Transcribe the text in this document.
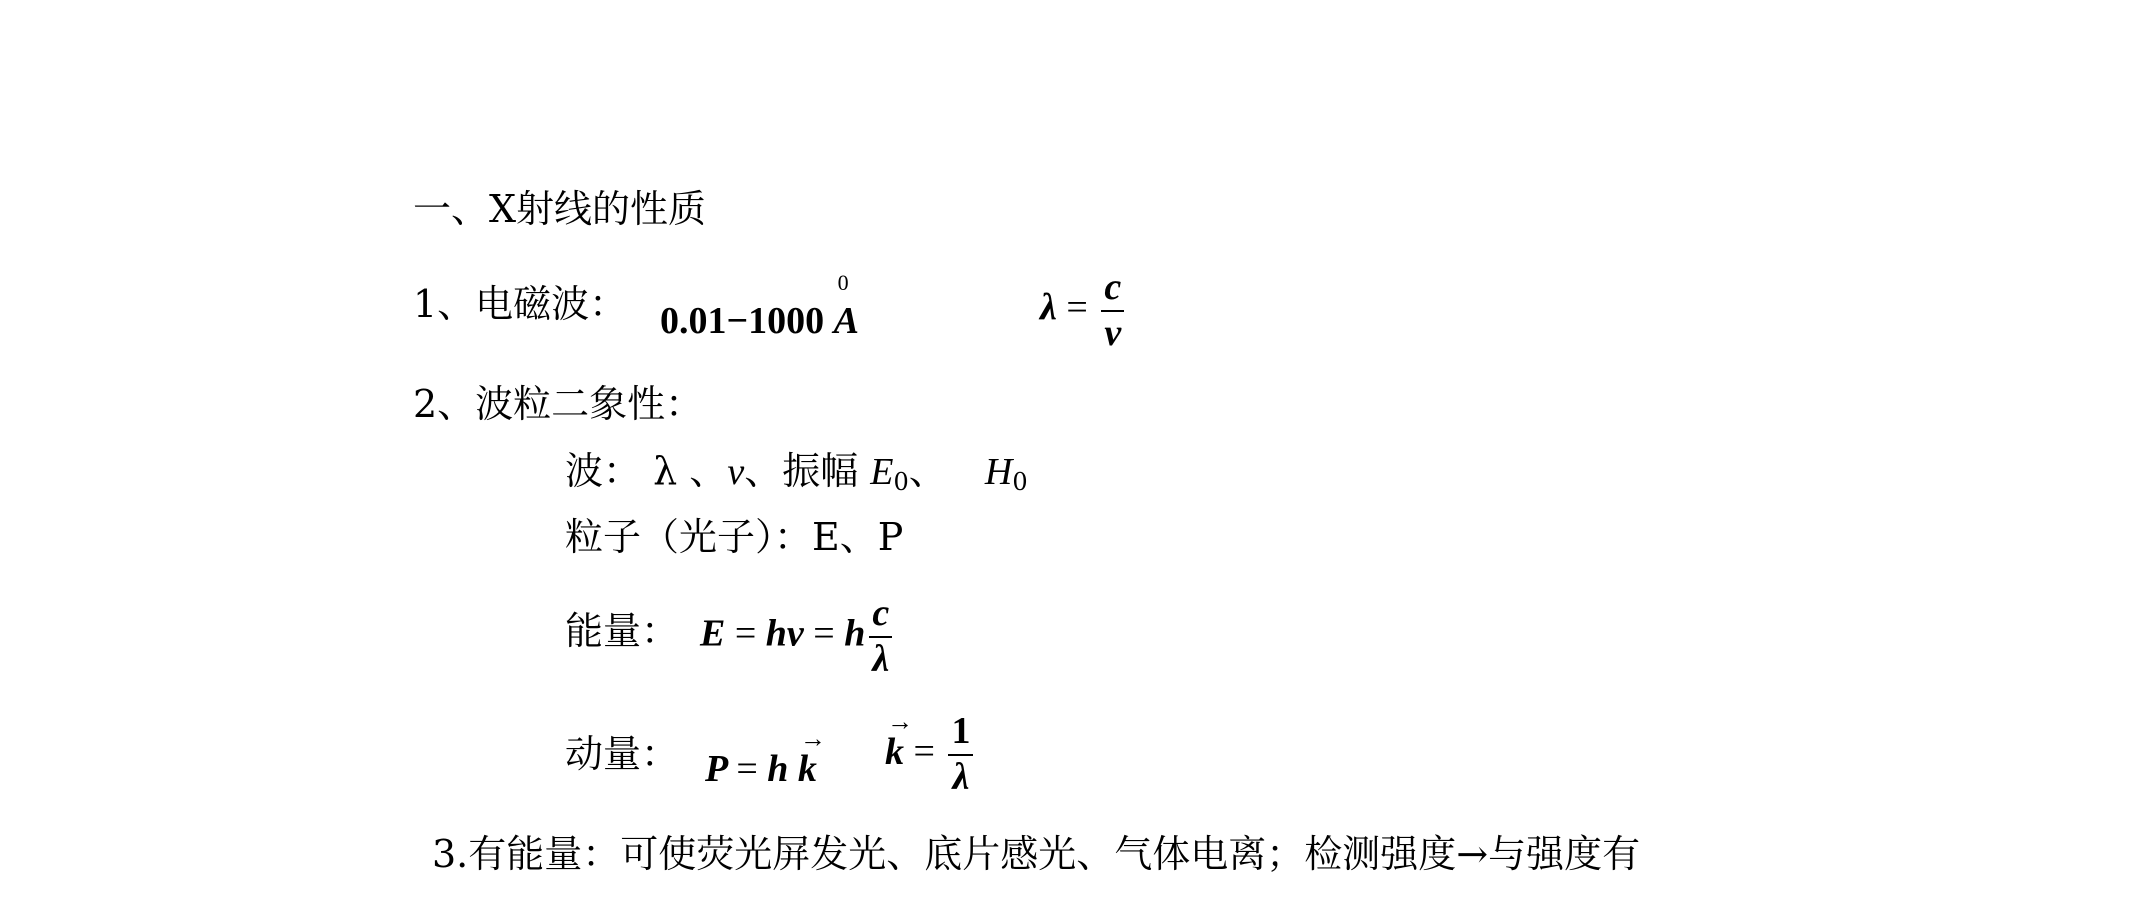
一、X射线的性质
1、电磁波： 0.01−1000
0
A	$\lambda = \frac{c}{v}$
2、波粒二象性：
波： λ 、v、振幅 $E_0$、 $H_0$
粒子（光子）：E、P
能量： E = hv = h $\frac{c}{\lambda}$
动量： P = h → k
→ $k = \frac{1}{\lambda}$
3.有能量：可使荧光屏发光、底片感光、气体电离；检测强度→与强度有
